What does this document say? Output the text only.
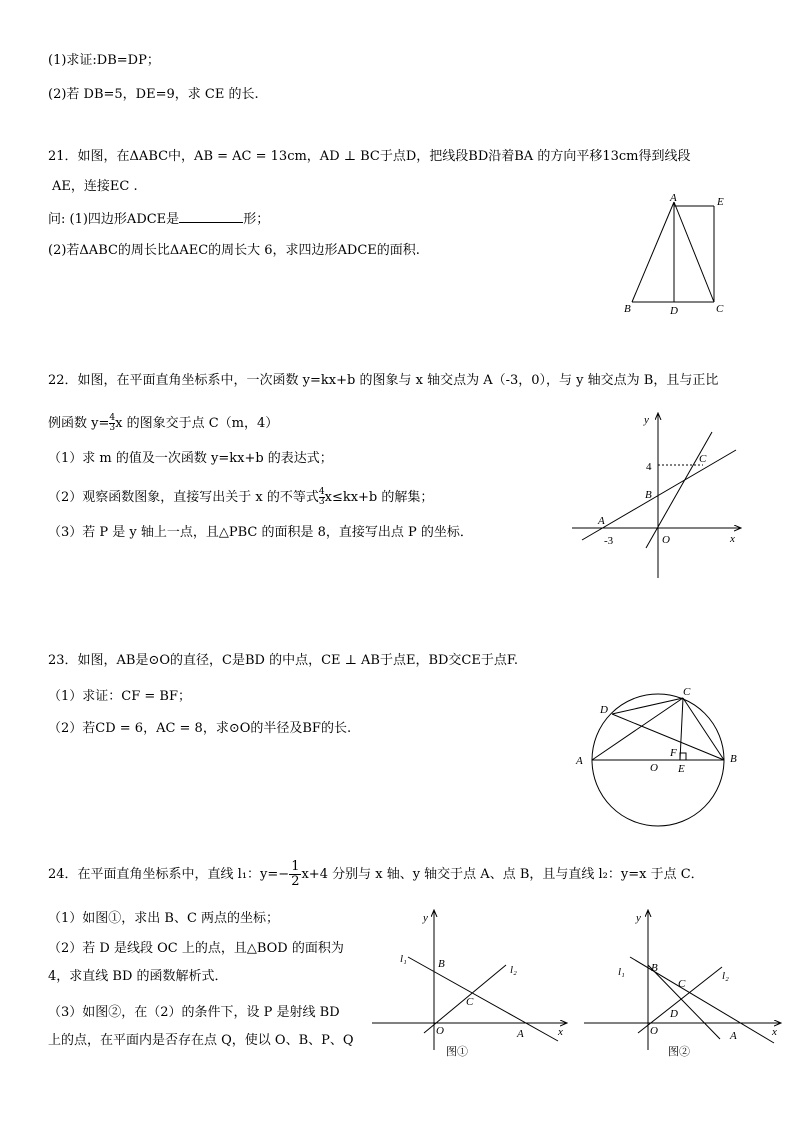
(1)求证:DB=DP；
(2)若 DB=5，DE=9，求 CE 的长.
21．如图，在ΔABC中，AB = AC = 13cm，AD ⊥ BC于点D，把线段BD沿着BA 的方向平移13cm得到线段
AE，连接EC .
问: (1)四边形ADCE是	形；
(2)若ΔABC的周长比ΔAEC的周长大 6，求四边形ADCE的面积.
A	E
B	D	C
22．如图，在平面直角坐标系中，一次函数 y=kx+b 的图象与 x 轴交点为 A（-3，0），与 y 轴交点为 B，且与正比
例函数 $y= \frac{4}{3}$ x 的图象交于点 C（m，4）
（1）求 m 的值及一次函数 y=kx+b 的表达式；
（2）观察函数图象，直接写出关于 x 的不等式 $\frac{4}{3} x\le kx+b$ 的解集；
（3）若 P 是 y 轴上一点，且△PBC 的面积是 8，直接写出点 P 的坐标．
y
x
4
C
B
A
-3	O
23．如图，AB是⊙O的直径，C是BD 的中点，CE ⊥ AB于点E，BD交CE于点F.
（1）求证：CF = BF；
（2）若CD = 6，AC = 8，求⊙O的半径及BF的长.
C
D
A	B
F
O E
24．在平面直角坐标系中，直线 l₁：$y=- \frac{1}{2} x+4$ 分别与 x 轴、y 轴交于点 A、点 B，且与直线 l₂：y=x 于点 C．
（1）如图①，求出 B、C 两点的坐标；
（2）若 D 是线段 OC 上的点，且△BOD 的面积为
4，求直线 BD 的函数解析式．
（3）如图②，在（2）的条件下，设 P 是射线 BD
上的点，在平面内是否存在点 Q，使以 O、B、P、Q
y
x
l₁
l₂
B
C
O	A
图①
y
x
l₁	l₂
B
C
D
O	A
图②
